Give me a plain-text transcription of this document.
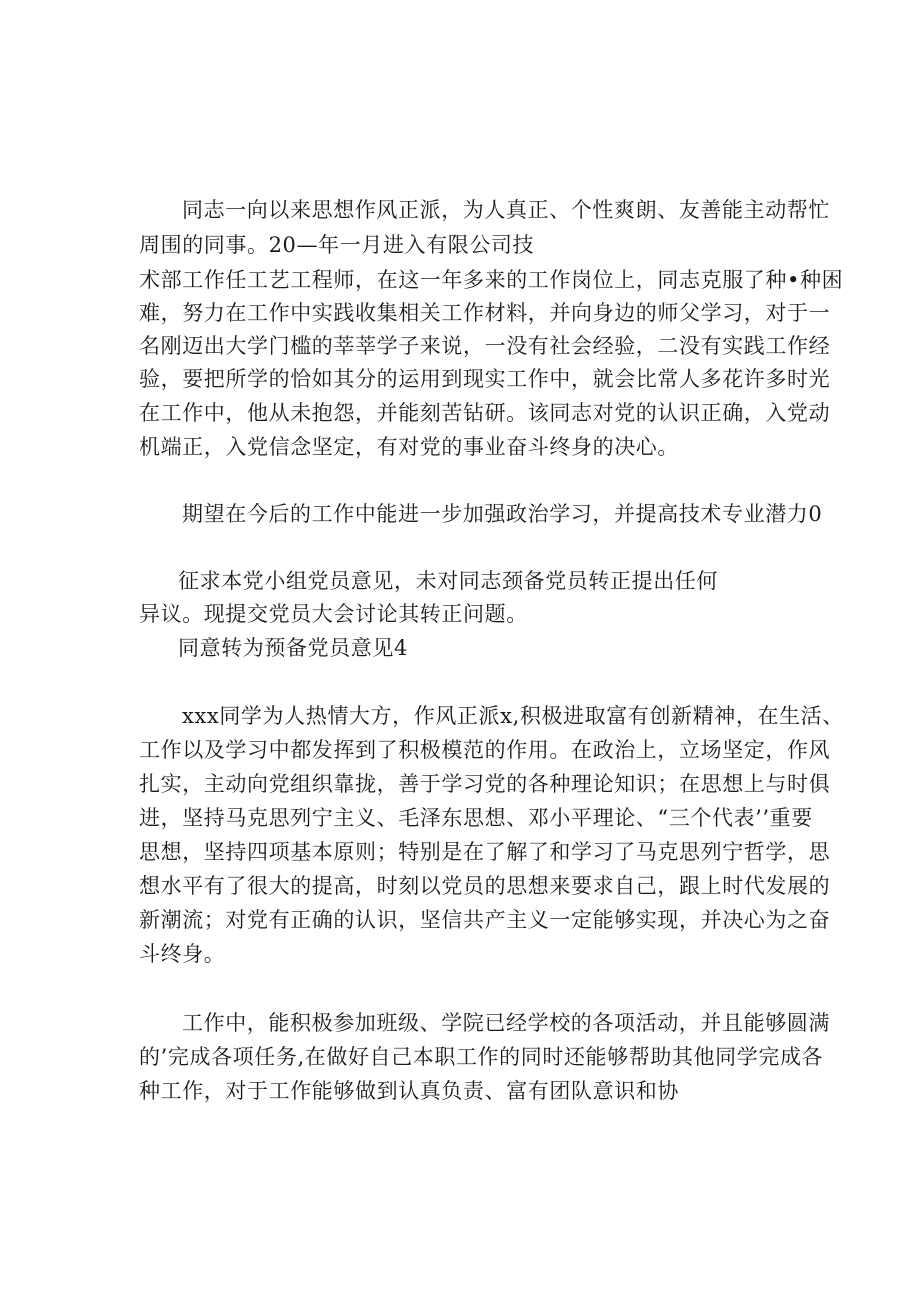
同志一向以来思想作风正派，为人真正、个性爽朗、友善能主动帮忙
周围的同事。20—年一月进入有限公司技
术部工作任工艺工程师，在这一年多来的工作岗位上，同志克服了种•种困
难，努力在工作中实践收集相关工作材料，并向身边的师父学习，对于一
名刚迈出大学门槛的莘莘学子来说，一没有社会经验，二没有实践工作经
验，要把所学的恰如其分的运用到现实工作中，就会比常人多花许多时光
在工作中，他从未抱怨，并能刻苦钻研。该同志对党的认识正确，入党动
机端正，入党信念坚定，有对党的事业奋斗终身的决心。
期望在今后的工作中能进一步加强政治学习，并提高技术专业潜力0
征求本党小组党员意见，未对同志颈备党员转正提出任何
异议。现提交党员大会讨论其转正问题。
同意转为预备党员意见4
xxx同学为人热情大方，作风正派x,积极进取富有创新精神，在生活、
工作以及学习中都发挥到了积极模范的作用。在政治上，立场坚定，作风
扎实，主动向党组织靠拢，善于学习党的各种理论知识；在思想上与时俱
进，坚持马克思列宁主义、毛泽东思想、邓小平理论、“三个代表’’重要
思想，坚持四项基本原则；特别是在了解了和学习了马克思列宁哲学，思
想水平有了很大的提高，时刻以党员的思想来要求自己，跟上时代发展的
新潮流；对党有正确的认识，坚信共产主义一定能够实现，并决心为之奋
斗终身。
工作中，能积极参加班级、学院已经学校的各项活动，并且能够圆满
的’完成各项任务,在做好自己本职工作的同时还能够帮助其他同学完成各
种工作，对于工作能够做到认真负责、富有团队意识和协
